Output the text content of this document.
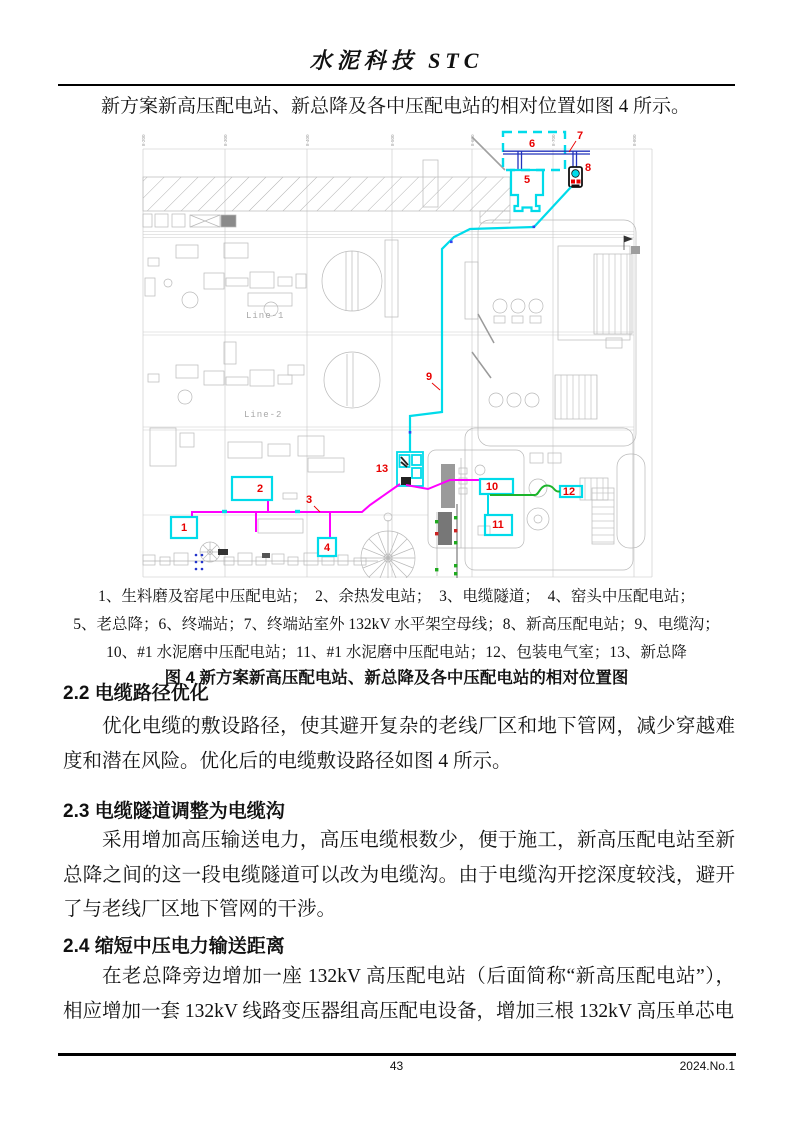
水泥科技 STC
新方案新高压配电站、新总降及各中压配电站的相对位置如图 4 所示。
Line-1
Line-2
1
2
3
4
5
6
7
8
9
10
11
12
13
8-200	8-300	8-400	8-500	8-600	8-700	8-800
1、生料磨及窑尾中压配电站；　2、余热发电站；　3、电缆隧道；　4、窑头中压配电站；
5、老总降；6、终端站；7、终端站室外 132kV 水平架空母线；8、新高压配电站；9、电缆沟；
10、#1 水泥磨中压配电站；11、#1 水泥磨中压配电站；12、包装电气室；13、新总降
图 4 新方案新高压配电站、新总降及各中压配电站的相对位置图
2.2 电缆路径优化
优化电缆的敷设路径，使其避开复杂的老线厂区和地下管网，减少穿越难度和潜在风险。优化后的电缆敷设路径如图 4 所示。
2.3 电缆隧道调整为电缆沟
采用增加高压输送电力，高压电缆根数少，便于施工，新高压配电站至新总降之间的这一段电缆隧道可以改为电缆沟。由于电缆沟开挖深度较浅，避开了与老线厂区地下管网的干涉。
2.4 缩短中压电力输送距离
在老总降旁边增加一座 132kV 高压配电站（后面简称“新高压配电站”），相应增加一套 132kV 线路变压器组高压配电设备，增加三根 132kV 高压单芯电
43	2024.No.1
